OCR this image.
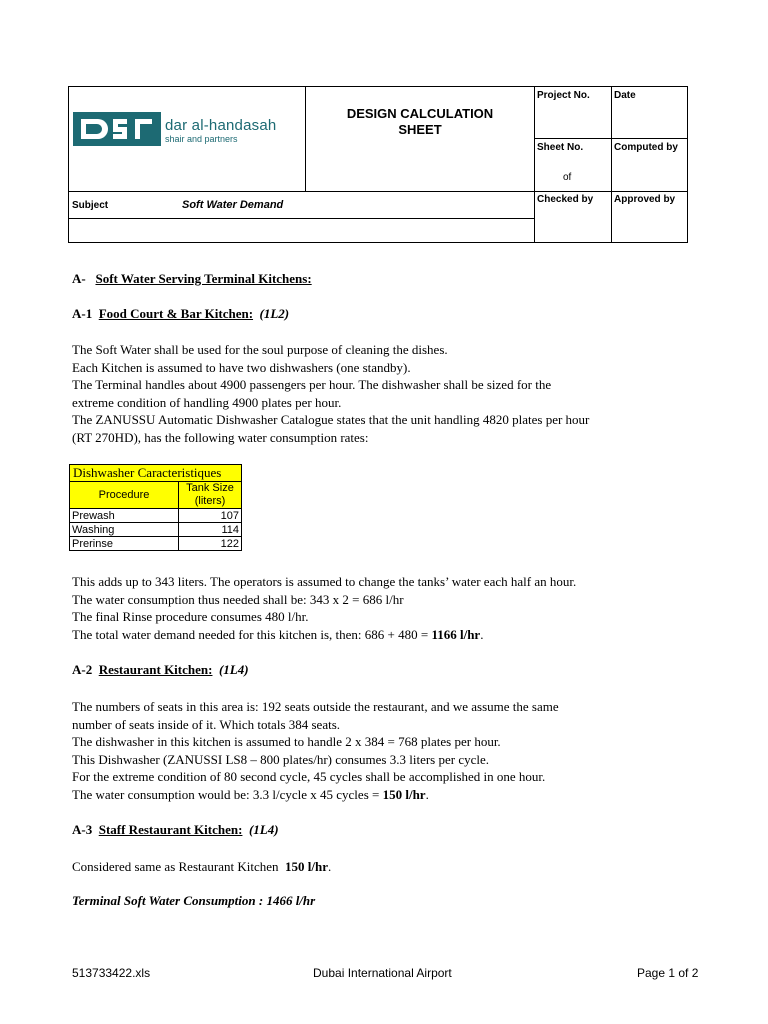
dar al-handasah
shair and partners
DESIGN CALCULATION
SHEET
Project No. Date
Sheet No.	Computed by
of
Checked by Approved by
Subject	Soft Water Demand
A- Soft Water Serving Terminal Kitchens:
A-1 Food Court & Bar Kitchen: (1L2)
The Soft Water shall be used for the soul purpose of cleaning the dishes.
Each Kitchen is assumed to have two dishwashers (one standby).
The Terminal handles about 4900 passengers per hour. The dishwasher shall be sized for the
extreme condition of handling 4900 plates per hour.
The ZANUSSU Automatic Dishwasher Catalogue states that the unit handling 4820 plates per hour
(RT 270HD), has the following water consumption rates:
Dishwasher Caracteristiques	
Procedure	Tank Size
(liters)

Prewash	107
Washing	114
Prerinse	122
This adds up to 343 liters. The operators is assumed to change the tanks’ water each half an hour.
The water consumption thus needed shall be: 343 x 2 = 686 l/hr
The final Rinse procedure consumes 480 l/hr.
The total water demand needed for this kitchen is, then: 686 + 480 = 1166 l/hr.
A-2 Restaurant Kitchen: (1L4)
The numbers of seats in this area is: 192 seats outside the restaurant, and we assume the same
number of seats inside of it. Which totals 384 seats.
The dishwasher in this kitchen is assumed to handle 2 x 384 = 768 plates per hour.
This Dishwasher (ZANUSSI LS8 – 800 plates/hr) consumes 3.3 liters per cycle.
For the extreme condition of 80 second cycle, 45 cycles shall be accomplished in one hour.
The water consumption would be: 3.3 l/cycle x 45 cycles = 150 l/hr.
A-3 Staff Restaurant Kitchen: (1L4)
Considered same as Restaurant Kitchen  150 l/hr.
Terminal Soft Water Consumption : 1466 l/hr
513733422.xls	Dubai International Airport	Page 1 of 2
